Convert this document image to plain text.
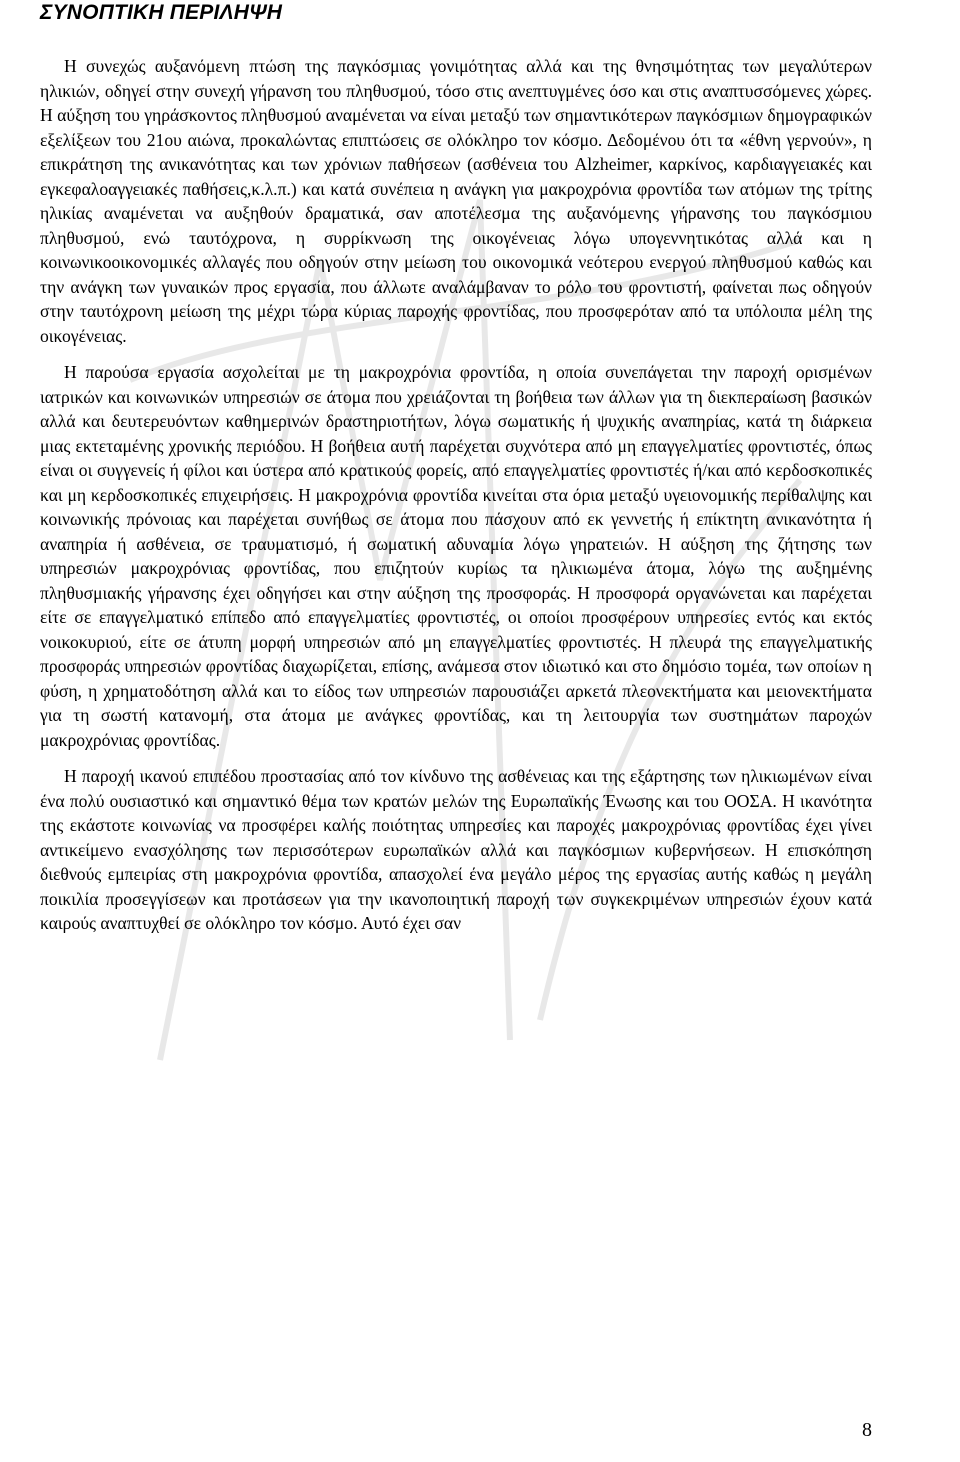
ΣΥΝΟΠΤΙΚΗ ΠΕΡΙΛΗΨΗ

Η συνεχώς αυξανόμενη πτώση της παγκόσμιας γονιμότητας αλλά και της θνησιμότητας των μεγαλύτερων ηλικιών, οδηγεί στην συνεχή γήρανση του πληθυσμού, τόσο στις ανεπτυγμένες όσο και στις αναπτυσσόμενες χώρες. Η αύξηση του γηράσκοντος πληθυσμού αναμένεται να είναι μεταξύ των σημαντικότερων παγκόσμιων δημογραφικών εξελίξεων του 21ου αιώνα, προκαλώντας επιπτώσεις σε ολόκληρο τον κόσμο. Δεδομένου ότι τα «έθνη γερνούν», η επικράτηση της ανικανότητας και των χρόνιων παθήσεων (ασθένεια του Alzheimer, καρκίνος, καρδιαγγειακές και εγκεφαλοαγγειακές παθήσεις,κ.λ.π.) και κατά συνέπεια η ανάγκη για μακροχρόνια φροντίδα των ατόμων της τρίτης ηλικίας αναμένεται να αυξηθούν δραματικά, σαν αποτέλεσμα της αυξανόμενης γήρανσης του παγκόσμιου πληθυσμού, ενώ ταυτόχρονα, η συρρίκνωση της οικογένειας λόγω υπογεννητικότας αλλά και η κοινωνικοοικονομικές αλλαγές που οδηγούν στην μείωση του οικονομικά νεότερου ενεργού πληθυσμού καθώς και την ανάγκη των γυναικών προς εργασία, που άλλωτε αναλάμβαναν το ρόλο του φροντιστή, φαίνεται πως οδηγούν στην ταυτόχρονη μείωση της μέχρι τώρα κύριας παροχής φροντίδας, που προσφερόταν από τα υπόλοιπα μέλη της οικογένειας.

Η παρούσα εργασία ασχολείται με τη μακροχρόνια φροντίδα, η οποία συνεπάγεται την παροχή ορισμένων ιατρικών και κοινωνικών υπηρεσιών σε άτομα που χρειάζονται τη βοήθεια των άλλων για τη διεκπεραίωση βασικών αλλά και δευτερευόντων καθημερινών δραστηριοτήτων, λόγω σωματικής ή ψυχικής αναπηρίας, κατά τη διάρκεια μιας εκτεταμένης χρονικής περιόδου. Η βοήθεια αυτή παρέχεται συχνότερα από μη επαγγελματίες φροντιστές, όπως είναι οι συγγενείς ή φίλοι και ύστερα από κρατικούς φορείς, από επαγγελματίες φροντιστές ή/και από κερδοσκοπικές και μη κερδοσκοπικές επιχειρήσεις. Η μακροχρόνια φροντίδα κινείται στα όρια μεταξύ υγειονομικής περίθαλψης και κοινωνικής πρόνοιας και παρέχεται συνήθως σε άτομα που πάσχουν από εκ γεννετής ή επίκτητη ανικανότητα ή αναπηρία ή ασθένεια, σε τραυματισμό, ή σωματική αδυναμία λόγω γηρατειών. Η αύξηση της ζήτησης των υπηρεσιών μακροχρόνιας φροντίδας, που επιζητούν κυρίως τα ηλικιωμένα άτομα, λόγω της αυξημένης πληθυσμιακής γήρανσης έχει οδηγήσει και στην αύξηση της προσφοράς. Η προσφορά οργανώνεται και παρέχεται είτε σε επαγγελματικό επίπεδο από επαγγελματίες φροντιστές, οι οποίοι προσφέρουν υπηρεσίες εντός και εκτός νοικοκυριού, είτε σε άτυπη μορφή υπηρεσιών από μη επαγγελματίες φροντιστές. Η πλευρά της επαγγελματικής προσφοράς υπηρεσιών φροντίδας διαχωρίζεται, επίσης, ανάμεσα στον ιδιωτικό και στο δημόσιο τομέα, των οποίων η φύση, η χρηματοδότηση αλλά και το είδος των υπηρεσιών παρουσιάζει αρκετά πλεονεκτήματα και μειονεκτήματα για τη σωστή κατανομή, στα άτομα με ανάγκες φροντίδας, και τη λειτουργία των συστημάτων παροχών μακροχρόνιας φροντίδας.

Η παροχή ικανού επιπέδου προστασίας από τον κίνδυνο της ασθένειας και της εξάρτησης των ηλικιωμένων είναι ένα πολύ ουσιαστικό και σημαντικό θέμα των κρατών μελών της Ευρωπαϊκής Ένωσης και του ΟΟΣΑ. Η ικανότητα της εκάστοτε κοινωνίας να προσφέρει καλής ποιότητας υπηρεσίες και παροχές μακροχρόνιας φροντίδας έχει γίνει αντικείμενο ενασχόλησης των περισσότερων ευρωπαϊκών αλλά και παγκόσμιων κυβερνήσεων. Η επισκόπηση διεθνούς εμπειρίας στη μακροχρόνια φροντίδα, απασχολεί ένα μεγάλο μέρος της εργασίας αυτής καθώς η μεγάλη ποικιλία προσεγγίσεων και προτάσεων για την ικανοποιητική παροχή των συγκεκριμένων υπηρεσιών έχουν κατά καιρούς αναπτυχθεί σε ολόκληρο τον κόσμο. Αυτό έχει σαν

8
